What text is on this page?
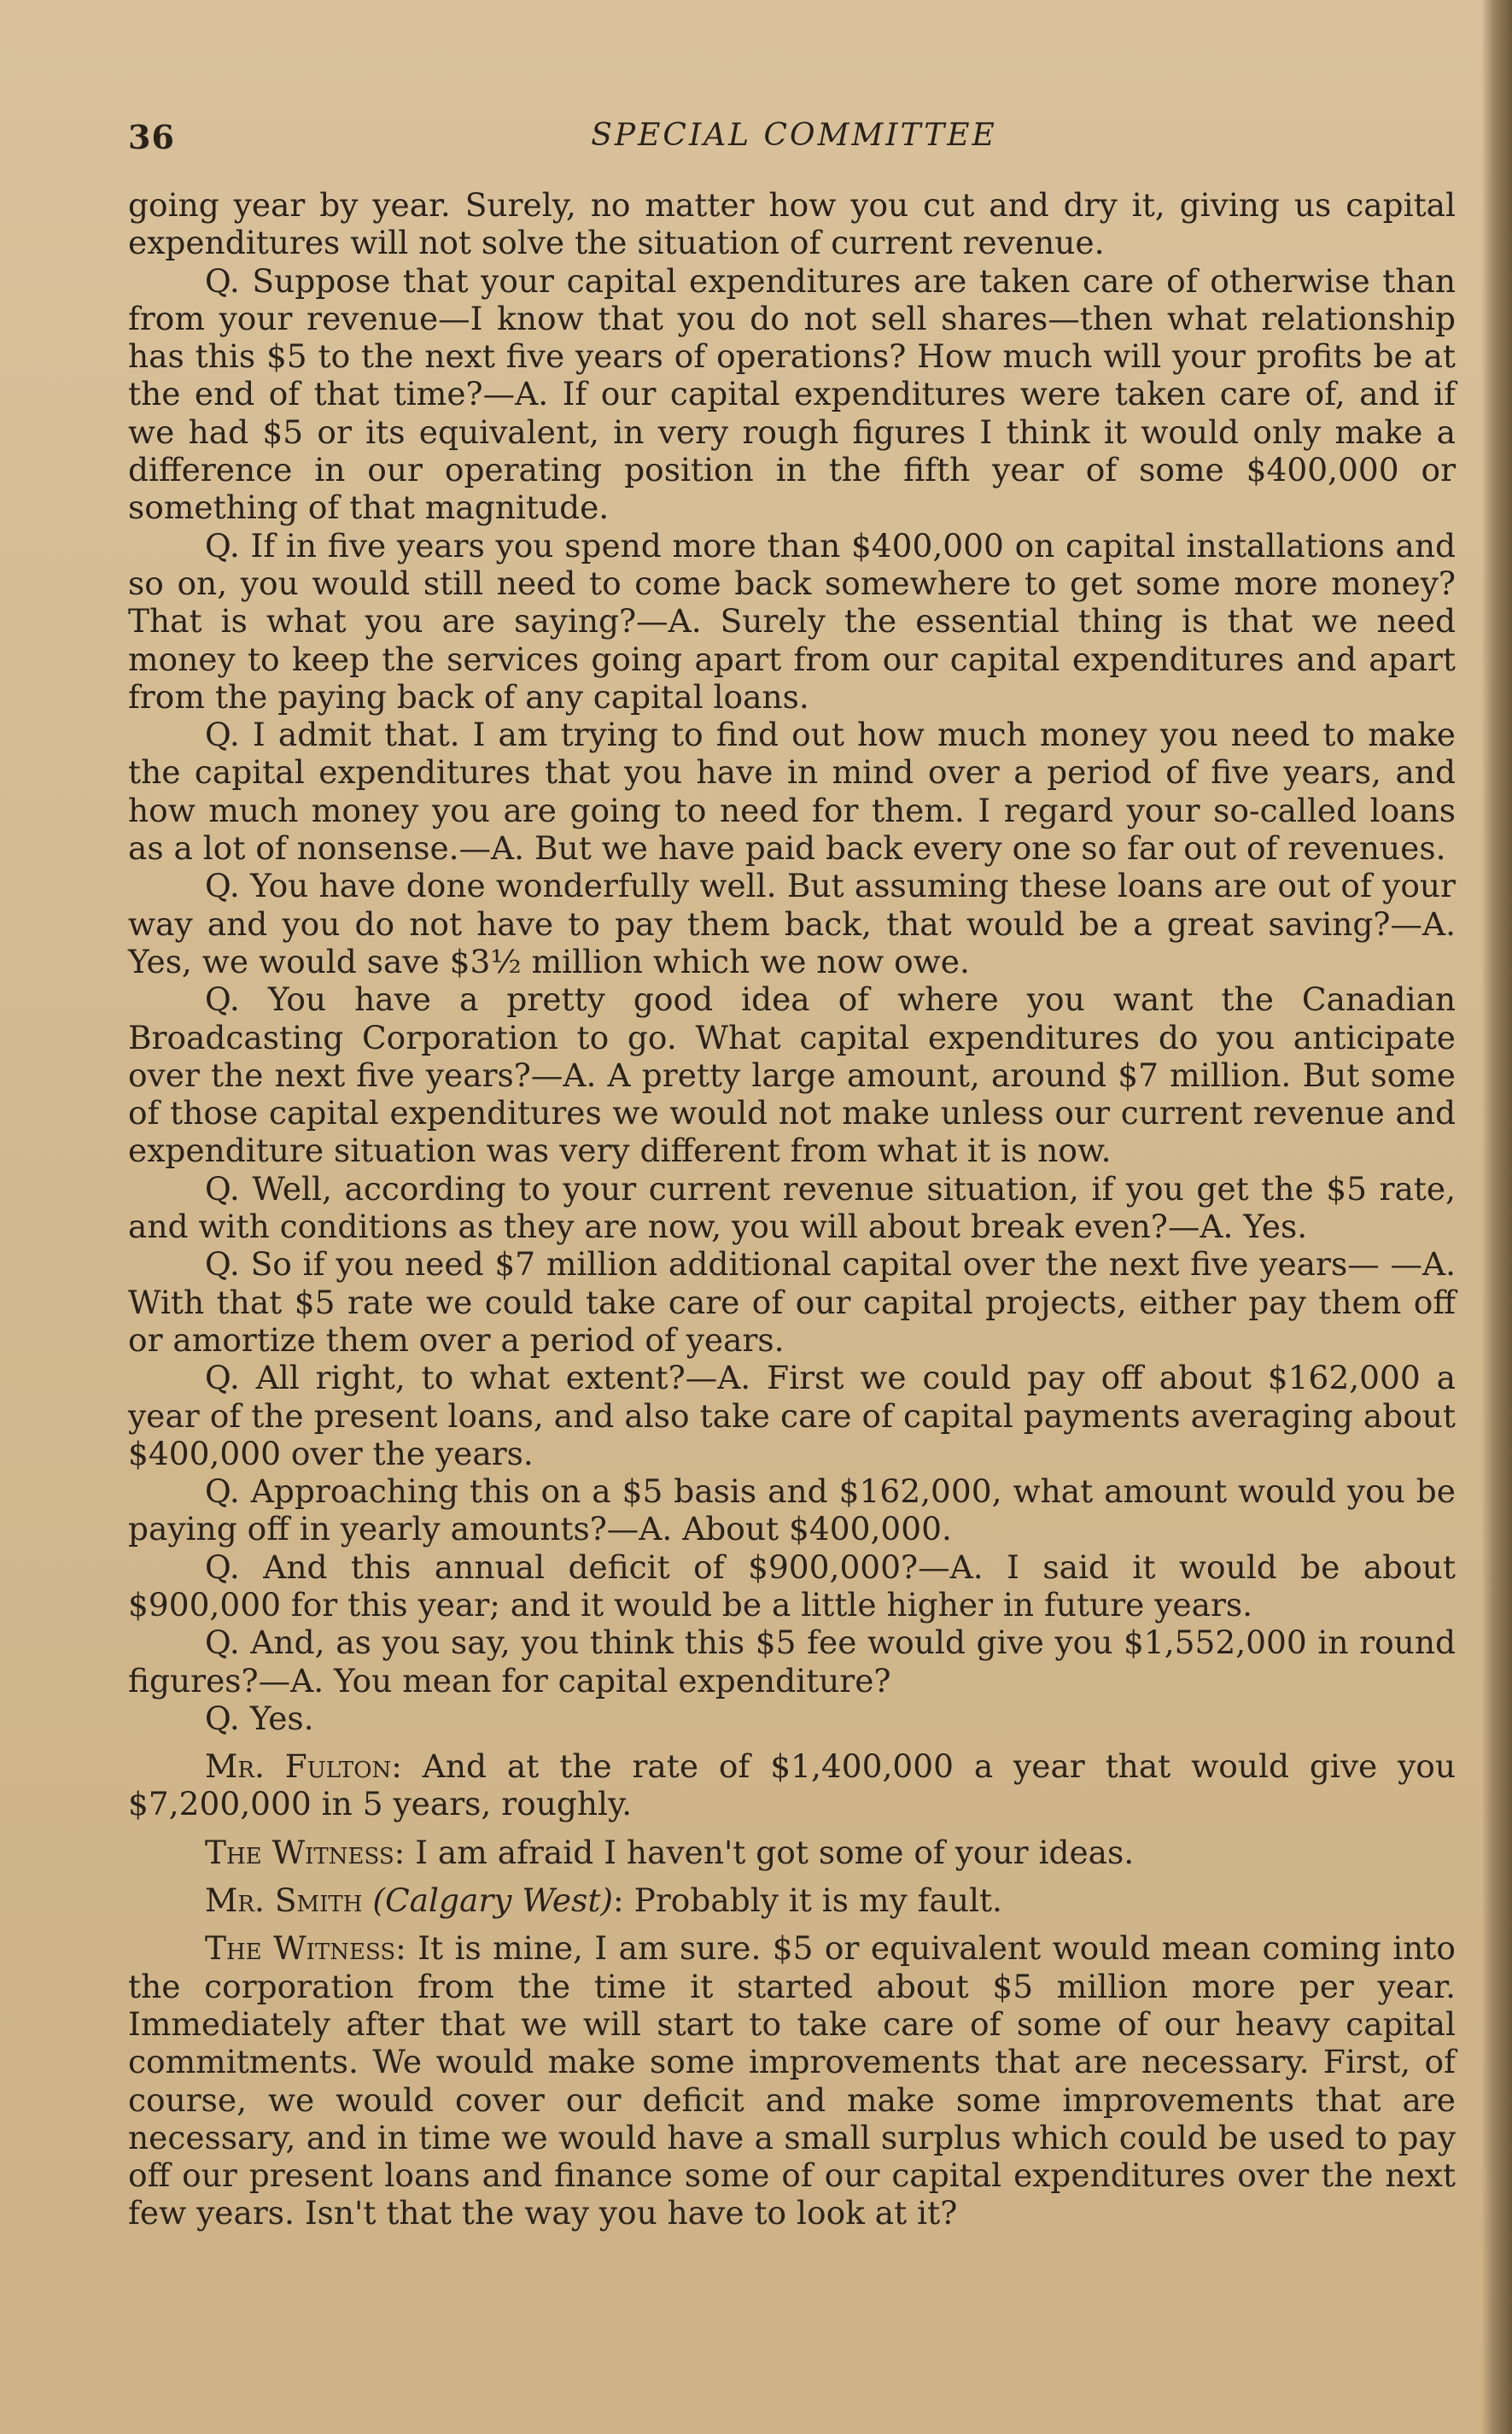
36	SPECIAL COMMITTEE

going year by year. Surely, no matter how you cut and dry it, giving us capital expenditures will not solve the situation of current revenue.

Q. Suppose that your capital expenditures are taken care of otherwise than from your revenue—I know that you do not sell shares—then what relationship has this $5 to the next five years of operations? How much will your profits be at the end of that time?—A. If our capital expenditures were taken care of, and if we had $5 or its equivalent, in very rough figures I think it would only make a difference in our operating position in the fifth year of some $400,000 or something of that magnitude.

Q. If in five years you spend more than $400,000 on capital installations and so on, you would still need to come back somewhere to get some more money? That is what you are saying?—A. Surely the essential thing is that we need money to keep the services going apart from our capital expenditures and apart from the paying back of any capital loans.

Q. I admit that. I am trying to find out how much money you need to make the capital expenditures that you have in mind over a period of five years, and how much money you are going to need for them. I regard your so-called loans as a lot of nonsense.—A. But we have paid back every one so far out of revenues.

Q. You have done wonderfully well. But assuming these loans are out of your way and you do not have to pay them back, that would be a great saving?—A. Yes, we would save $3½ million which we now owe.

Q. You have a pretty good idea of where you want the Canadian Broadcasting Corporation to go. What capital expenditures do you anticipate over the next five years?—A. A pretty large amount, around $7 million. But some of those capital expenditures we would not make unless our current revenue and expenditure situation was very different from what it is now.

Q. Well, according to your current revenue situation, if you get the $5 rate, and with conditions as they are now, you will about break even?—A. Yes.

Q. So if you need $7 million additional capital over the next five years— —A. With that $5 rate we could take care of our capital projects, either pay them off or amortize them over a period of years.

Q. All right, to what extent?—A. First we could pay off about $162,000 a year of the present loans, and also take care of capital payments averaging about $400,000 over the years.

Q. Approaching this on a $5 basis and $162,000, what amount would you be paying off in yearly amounts?—A. About $400,000.

Q. And this annual deficit of $900,000?—A. I said it would be about $900,000 for this year; and it would be a little higher in future years.

Q. And, as you say, you think this $5 fee would give you $1,552,000 in round figures?—A. You mean for capital expenditure?

Q. Yes.

Mr. Fulton: And at the rate of $1,400,000 a year that would give you $7,200,000 in 5 years, roughly.

The Witness: I am afraid I haven't got some of your ideas.

Mr. Smith (Calgary West): Probably it is my fault.

The Witness: It is mine, I am sure. $5 or equivalent would mean coming into the corporation from the time it started about $5 million more per year. Immediately after that we will start to take care of some of our heavy capital commitments. We would make some improvements that are necessary. First, of course, we would cover our deficit and make some improvements that are necessary, and in time we would have a small surplus which could be used to pay off our present loans and finance some of our capital expenditures over the next few years. Isn't that the way you have to look at it?
